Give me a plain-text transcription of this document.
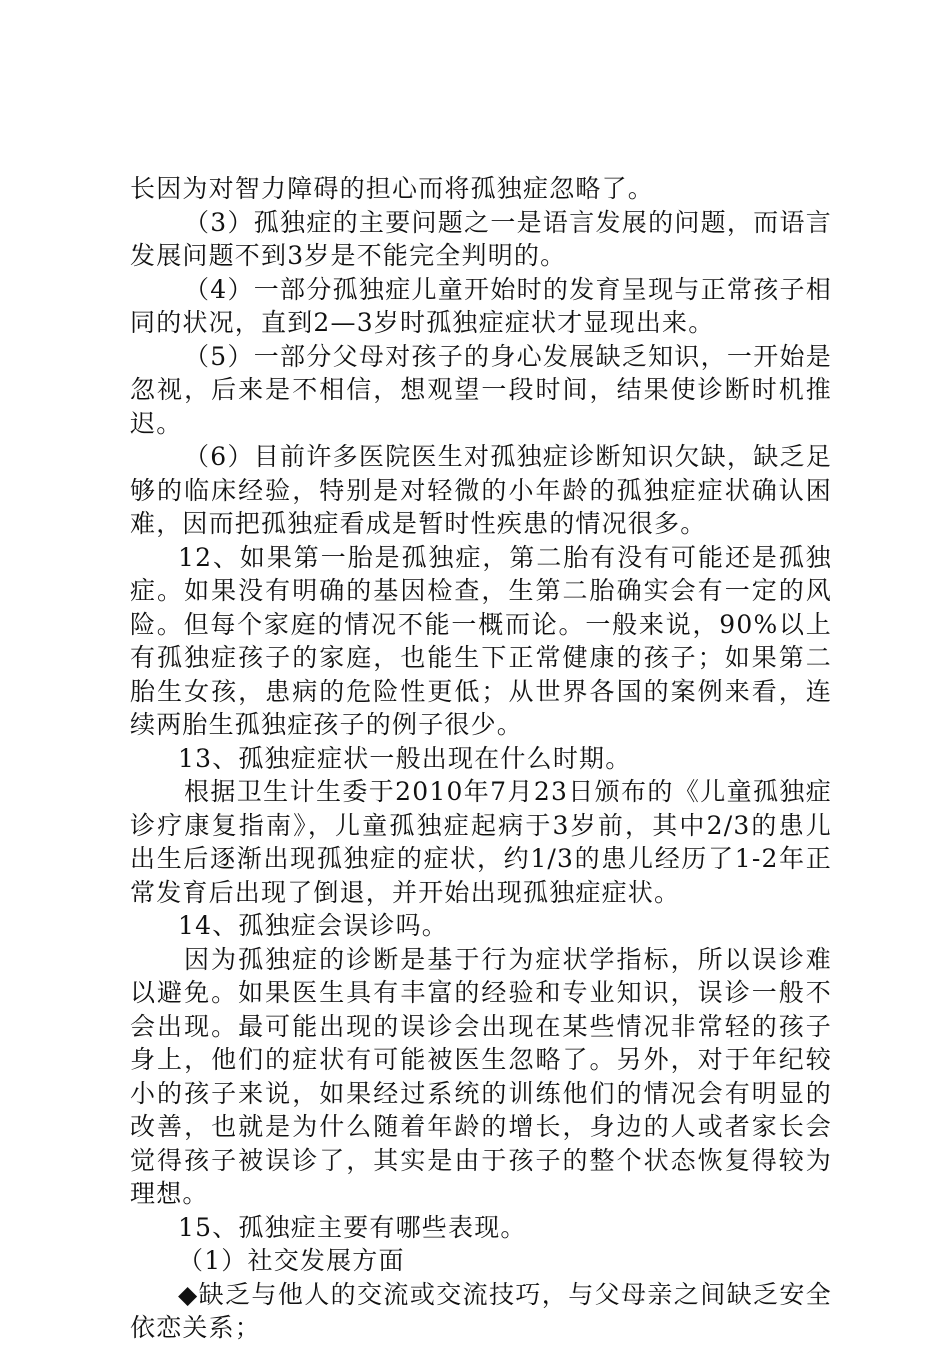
长因为对智力障碍的担心而将孤独症忽略了。

（3）孤独症的主要问题之一是语言发展的问题，而语言发展问题不到3岁是不能完全判明的。

（4）一部分孤独症儿童开始时的发育呈现与正常孩子相同的状况，直到2—3岁时孤独症症状才显现出来。

（5）一部分父母对孩子的身心发展缺乏知识，一开始是忽视，后来是不相信，想观望一段时间，结果使诊断时机推迟。

（6）目前许多医院医生对孤独症诊断知识欠缺，缺乏足够的临床经验，特别是对轻微的小年龄的孤独症症状确认困难，因而把孤独症看成是暂时性疾患的情况很多。

12、如果第一胎是孤独症，第二胎有没有可能还是孤独症。如果没有明确的基因检查，生第二胎确实会有一定的风险。但每个家庭的情况不能一概而论。一般来说，90%以上有孤独症孩子的家庭，也能生下正常健康的孩子；如果第二胎生女孩，患病的危险性更低；从世界各国的案例来看，连续两胎生孤独症孩子的例子很少。

13、孤独症症状一般出现在什么时期。

根据卫生计生委于2010年7月23日颁布的《儿童孤独症诊疗康复指南》，儿童孤独症起病于3岁前，其中2/3的患儿出生后逐渐出现孤独症的症状，约1/3的患儿经历了1-2年正常发育后出现了倒退，并开始出现孤独症症状。

14、孤独症会误诊吗。

因为孤独症的诊断是基于行为症状学指标，所以误诊难以避免。如果医生具有丰富的经验和专业知识，误诊一般不会出现。最可能出现的误诊会出现在某些情况非常轻的孩子身上，他们的症状有可能被医生忽略了。另外，对于年纪较小的孩子来说，如果经过系统的训练他们的情况会有明显的改善，也就是为什么随着年龄的增长，身边的人或者家长会觉得孩子被误诊了，其实是由于孩子的整个状态恢复得较为理想。

15、孤独症主要有哪些表现。

（1）社交发展方面

◆缺乏与他人的交流或交流技巧，与父母亲之间缺乏安全依恋关系；
